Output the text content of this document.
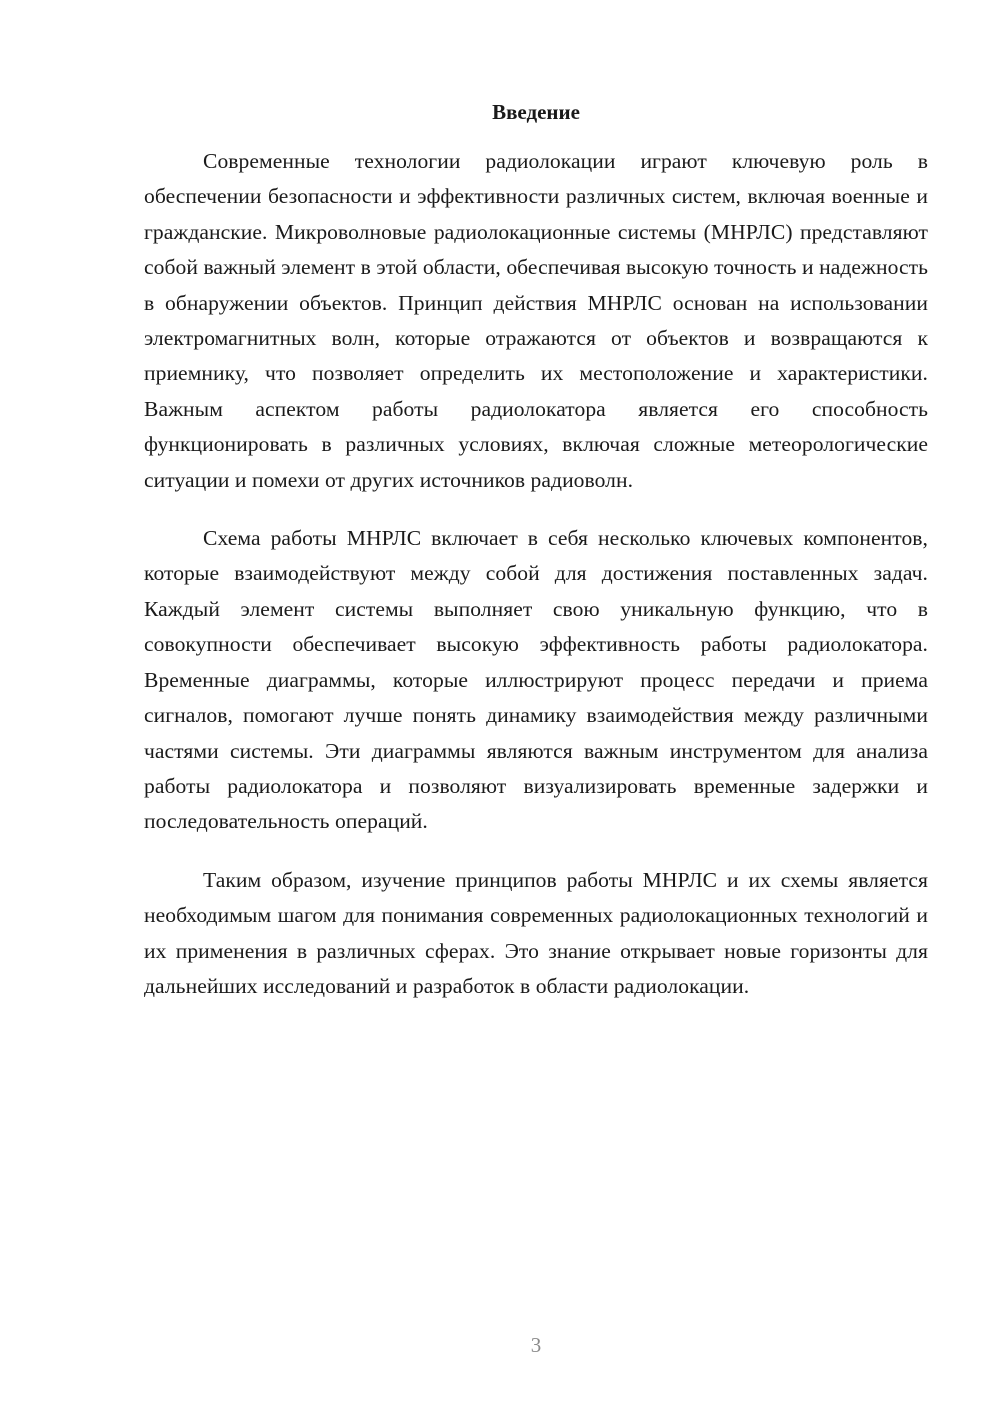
Введение

Современные технологии радиолокации играют ключевую роль в обеспечении безопасности и эффективности различных систем, включая военные и гражданские. Микроволновые радиолокационные системы (МНРЛС) представляют собой важный элемент в этой области, обеспечивая высокую точность и надежность в обнаружении объектов. Принцип действия МНРЛС основан на использовании электромагнитных волн, которые отражаются от объектов и возвращаются к приемнику, что позволяет определить их местоположение и характеристики. Важным аспектом работы радиолокатора является его способность функционировать в различных условиях, включая сложные метеорологические ситуации и помехи от других источников радиоволн.

Схема работы МНРЛС включает в себя несколько ключевых компонентов, которые взаимодействуют между собой для достижения поставленных задач. Каждый элемент системы выполняет свою уникальную функцию, что в совокупности обеспечивает высокую эффективность работы радиолокатора. Временные диаграммы, которые иллюстрируют процесс передачи и приема сигналов, помогают лучше понять динамику взаимодействия между различными частями системы. Эти диаграммы являются важным инструментом для анализа работы радиолокатора и позволяют визуализировать временные задержки и последовательность операций.

Таким образом, изучение принципов работы МНРЛС и их схемы является необходимым шагом для понимания современных радиолокационных технологий и их применения в различных сферах. Это знание открывает новые горизонты для дальнейших исследований и разработок в области радиолокации.

3
